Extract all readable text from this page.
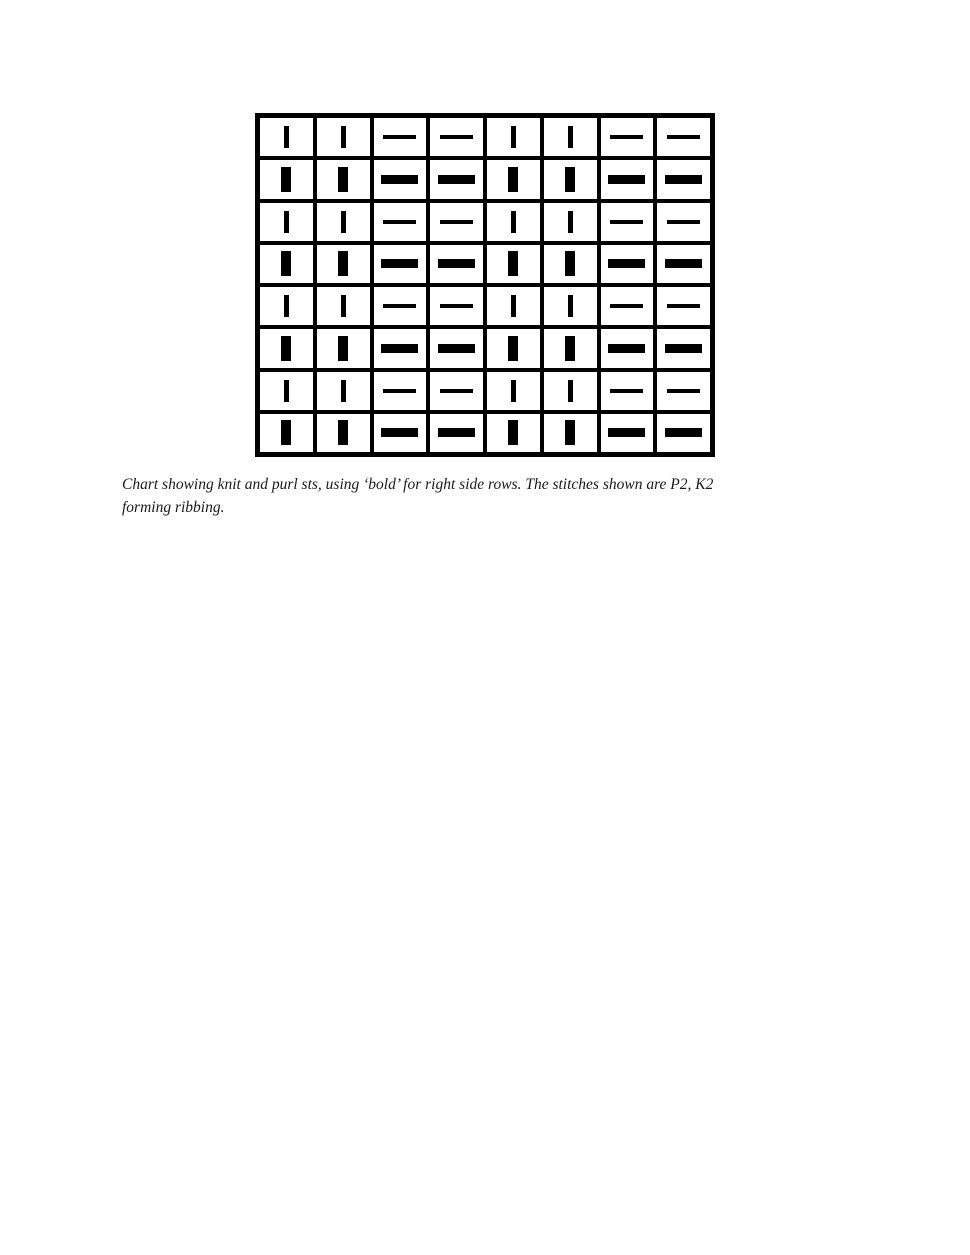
Chart showing knit and purl sts, using ‘bold’ for right side rows. The stitches shown are P2, K2
forming ribbing.
